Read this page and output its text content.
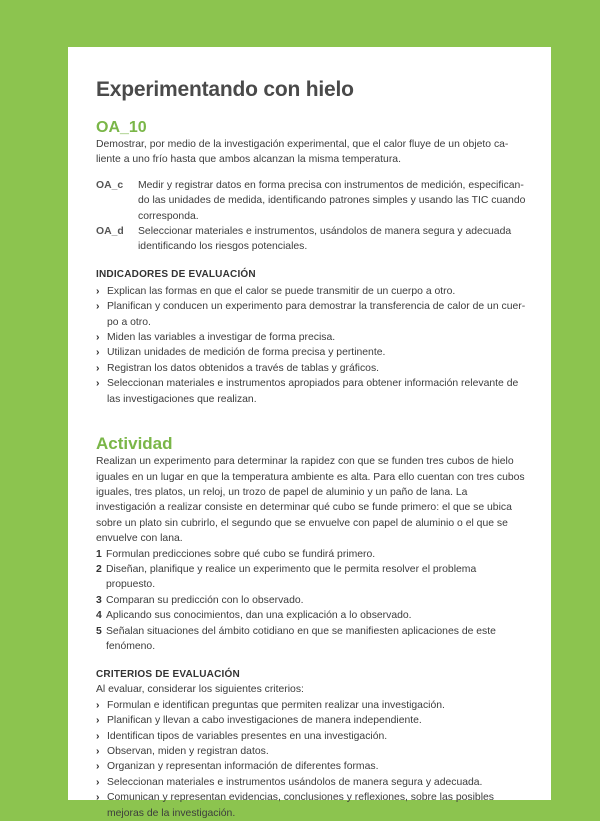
Experimentando con hielo
OA_10

Demostrar, por medio de la investigación experimental, que el calor fluye de un objeto ca-liente a uno frío hasta que ambos alcanzan la misma temperatura.

OA_c	Medir y registrar datos en forma precisa con instrumentos de medición, especifican-do las unidades de medida, identificando patrones simples y usando las TIC cuando corresponda.
OA_d	Seleccionar materiales e instrumentos, usándolos de manera segura y adecuada identificando los riesgos potenciales.
INDICADORES DE EVALUACIÓN
› Explican las formas en que el calor se puede transmitir de un cuerpo a otro.
› Planifican y conducen un experimento para demostrar la transferencia de calor de un cuer-po a otro.
› Miden las variables a investigar de forma precisa.
› Utilizan unidades de medición de forma precisa y pertinente.
› Registran los datos obtenidos a través de tablas y gráficos.
› Seleccionan materiales e instrumentos apropiados para obtener información relevante de las investigaciones que realizan.
Actividad

Realizan un experimento para determinar la rapidez con que se funden tres cubos de hielo iguales en un lugar en que la temperatura ambiente es alta. Para ello cuentan con tres cubos iguales, tres platos, un reloj, un trozo de papel de aluminio y un paño de lana. La investigación a realizar consiste en determinar qué cubo se funde primero: el que se ubica sobre un plato sin cubrirlo, el segundo que se envuelve con papel de aluminio o el que se envuelve con lana.

1 Formulan predicciones sobre qué cubo se fundirá primero.
2 Diseñan, planifique y realice un experimento que le permita resolver el problema propuesto.
3 Comparan su predicción con lo observado.
4 Aplicando sus conocimientos, dan una explicación a lo observado.
5 Señalan situaciones del ámbito cotidiano en que se manifiesten aplicaciones de este fenómeno.
CRITERIOS DE EVALUACIÓN

Al evaluar, considerar los siguientes criterios:

› Formulan e identifican preguntas que permiten realizar una investigación.
› Planifican y llevan a cabo investigaciones de manera independiente.
› Identifican tipos de variables presentes en una investigación.
› Observan, miden y registran datos.
› Organizan y representan información de diferentes formas.
› Seleccionan materiales e instrumentos usándolos de manera segura y adecuada.
› Comunican y representan evidencias, conclusiones y reflexiones, sobre las posibles mejoras de la investigación.
